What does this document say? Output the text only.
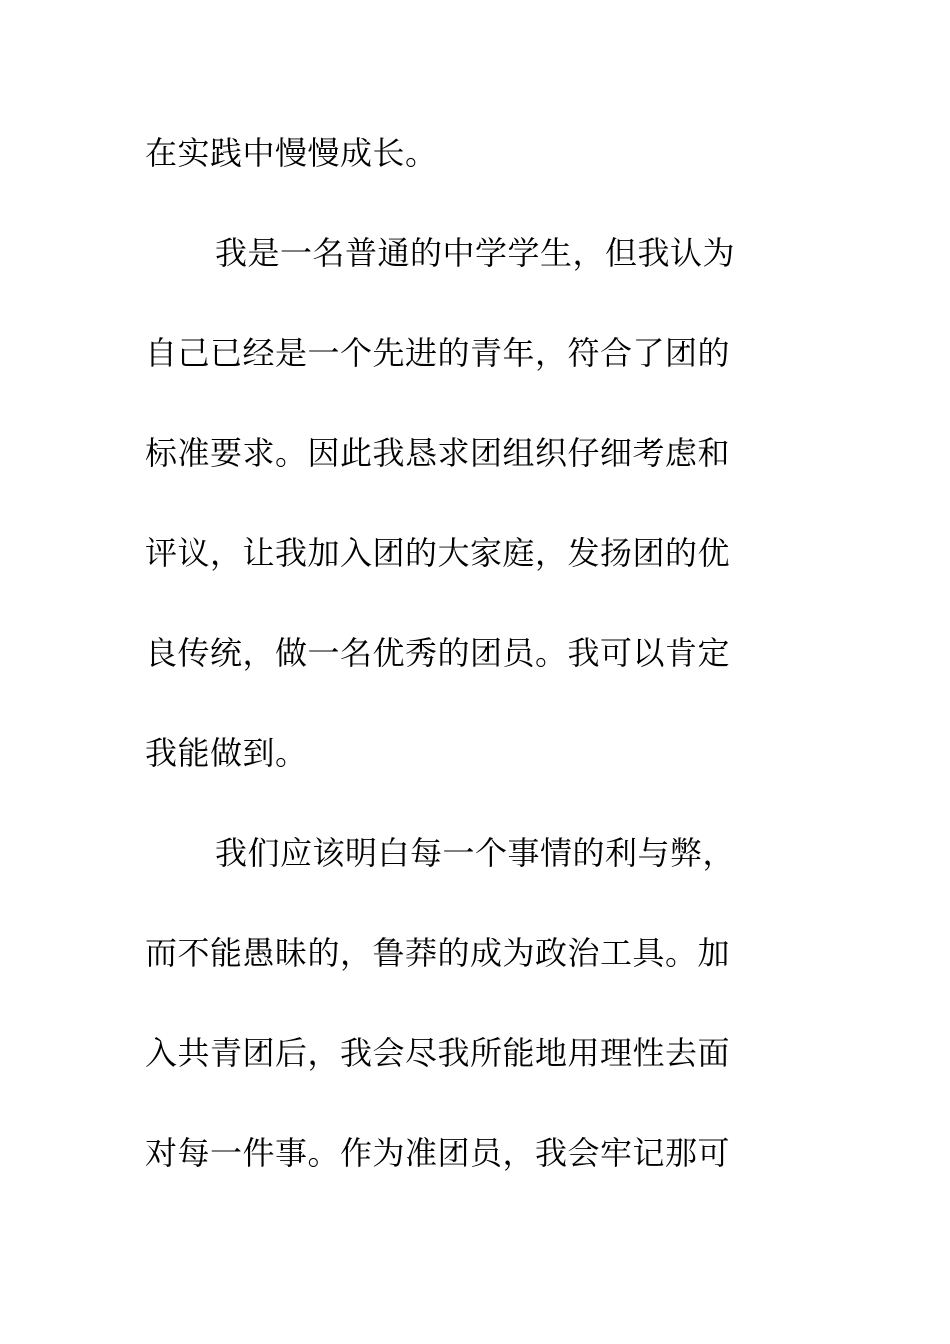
在实践中慢慢成长。
我是一名普通的中学学生，但我认为
自己已经是一个先进的青年，符合了团的
标准要求。因此我恳求团组织仔细考虑和
评议，让我加入团的大家庭，发扬团的优
良传统，做一名优秀的团员。我可以肯定
我能做到。
我们应该明白每一个事情的利与弊，
而不能愚昧的，鲁莽的成为政治工具。加
入共青团后，我会尽我所能地用理性去面
对每一件事。作为准团员，我会牢记那可
